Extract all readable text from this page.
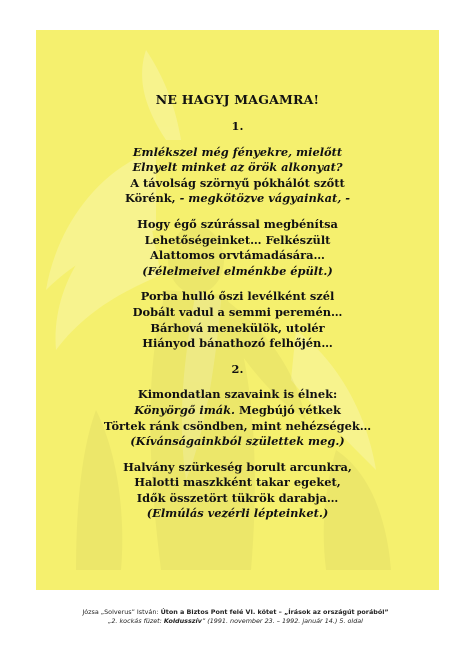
NE HAGYJ MAGAMRA!
1.
Emlékszel még fényekre, mielőtt
Elnyelt minket az örök alkonyat?
A távolság szörnyű pókhálót szőtt
Körénk, - megkötözve vágyainkat, -
Hogy égő szúrással megbénítsa
Lehetőségeinket… Felkészült
Alattomos orvtámadására…
(Félelmeivel elménkbe épült.)
Porba hulló őszi levélként szél
Dobált vadul a semmi peremén…
Bárhová menekülök, utolér
Hiányod bánathozó felhőjén…
2.
Kimondatlan szavaink is élnek:
Könyörgő imák. Megbújó vétkek
Törtek ránk csöndben, mint nehézségek…
(Kívánságainkból születtek meg.)
Halvány szürkeség borult arcunkra,
Halotti maszkként takar egeket,
Idők összetört tükrök darabja…
(Elmúlás vezérli lépteinket.)
Józsa „Solverus” István: Úton a Biztos Pont felé VI. kötet – „Írások az országút porából”
„2. kockás füzet: Koldusszív” (1991. november 23. – 1992. január 14.) 5. oldal
